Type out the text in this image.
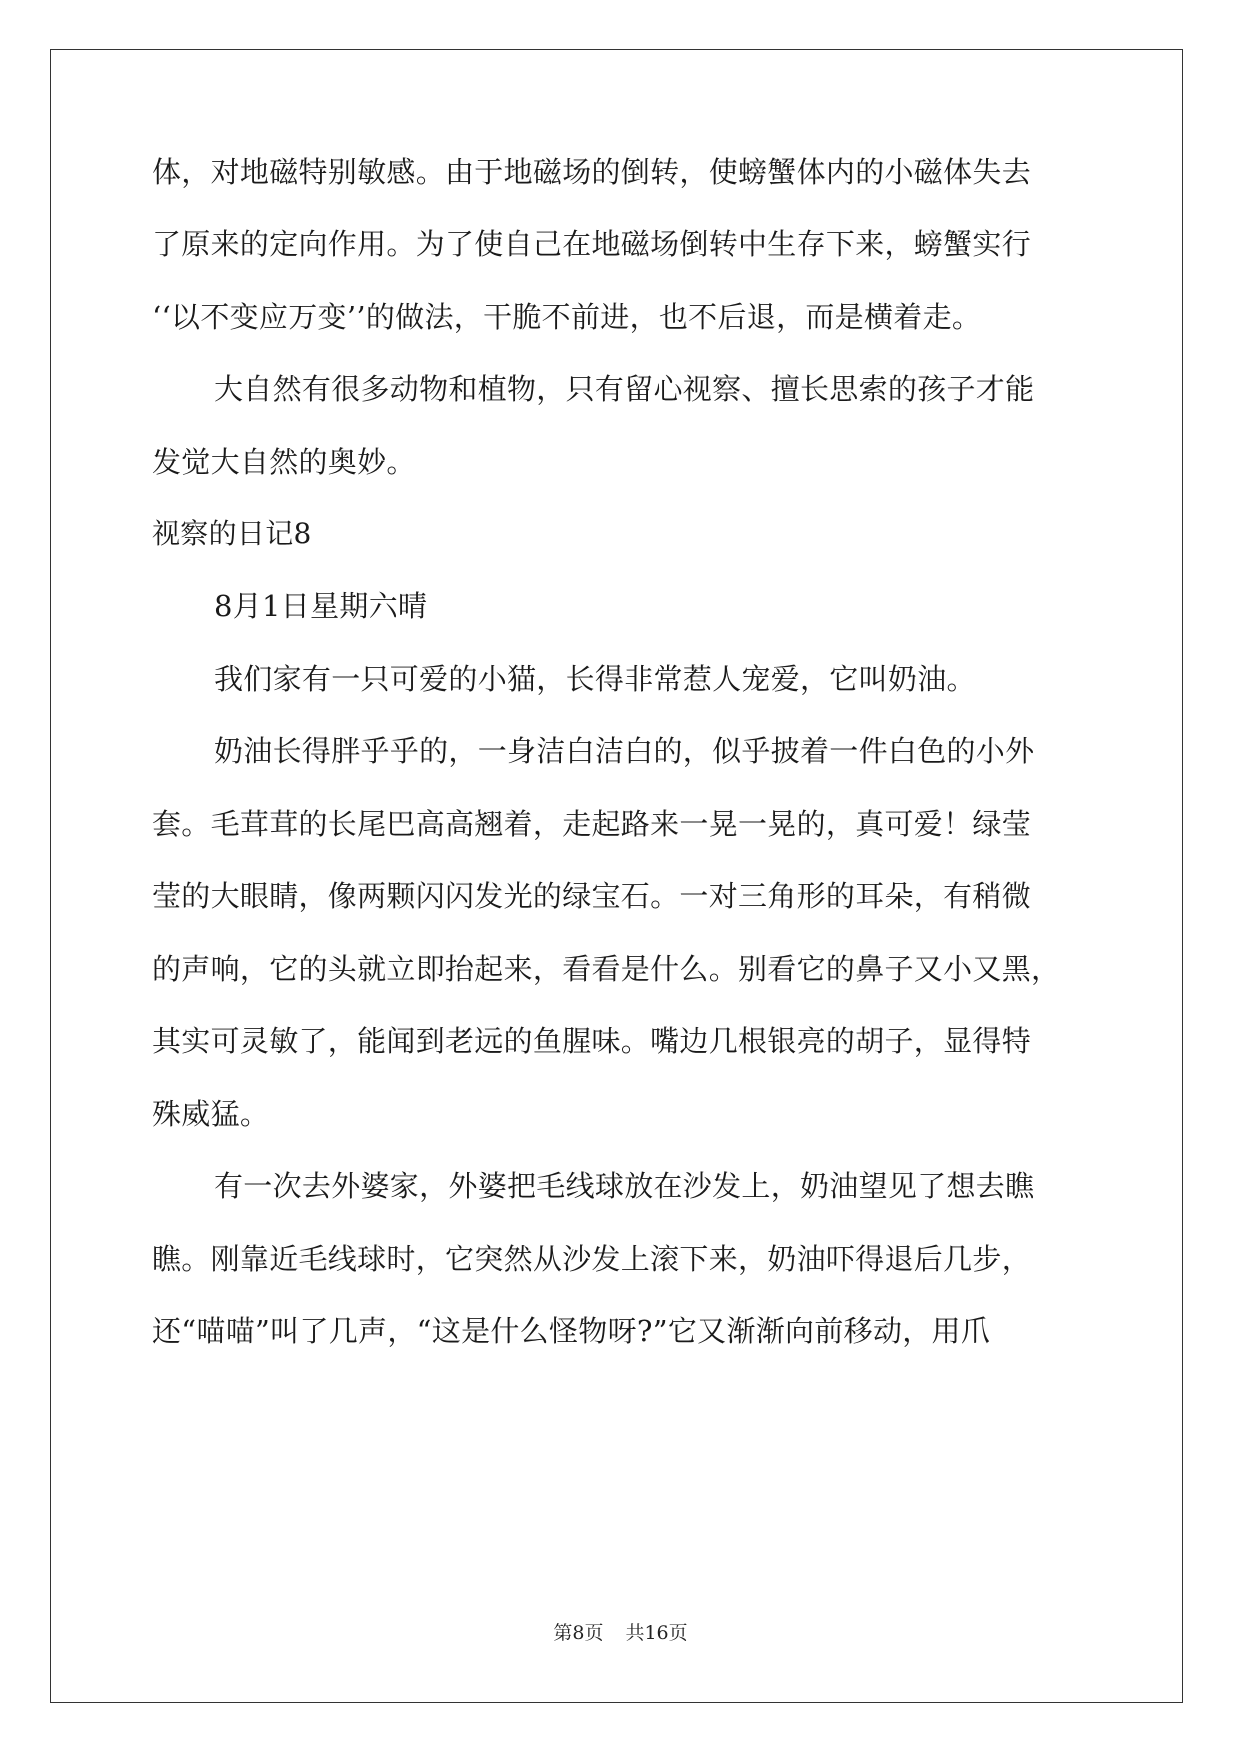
体，对地磁特别敏感。由于地磁场的倒转，使螃蟹体内的小磁体失去
了原来的定向作用。为了使自己在地磁场倒转中生存下来，螃蟹实行
‘‘以不变应万变’’的做法，干脆不前进，也不后退，而是横着走。
大自然有很多动物和植物，只有留心视察、擅长思索的孩子才能
发觉大自然的奥妙。
视察的日记8
8月1日星期六晴
我们家有一只可爱的小猫，长得非常惹人宠爱，它叫奶油。
奶油长得胖乎乎的，一身洁白洁白的，似乎披着一件白色的小外
套。毛茸茸的长尾巴高高翘着，走起路来一晃一晃的，真可爱！绿莹
莹的大眼睛，像两颗闪闪发光的绿宝石。一对三角形的耳朵，有稍微
的声响，它的头就立即抬起来，看看是什么。别看它的鼻子又小又黑，
其实可灵敏了，能闻到老远的鱼腥味。嘴边几根银亮的胡子，显得特
殊威猛。
有一次去外婆家，外婆把毛线球放在沙发上，奶油望见了想去瞧
瞧。刚靠近毛线球时，它突然从沙发上滚下来，奶油吓得退后几步，
还“喵喵”叫了几声，“这是什么怪物呀?”它又渐渐向前移动，用爪
第8页 共16页
